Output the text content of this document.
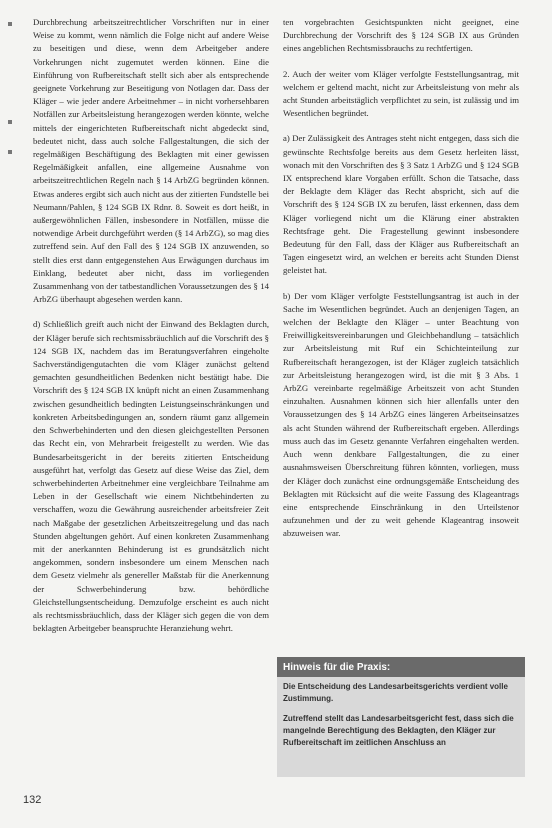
Durchbrechung arbeitszeitrechtlicher Vorschriften nur in einer Weise zu kommt, wenn nämlich die Folge nicht auf andere Weise zu beseitigen und diese, wenn dem Arbeitgeber andere Vorkehrungen nicht zugemutet werden können. Eine die Einführung von Rufbereitschaft stellt sich aber als entsprechende geeignete Vorkehrung zur Beseitigung von Notlagen dar. Dass der Kläger – wie jeder andere Arbeitnehmer – in nicht vorhersehbaren Notfällen zur Arbeitsleistung herangezogen werden könnte, welche mittels der eingerichteten Rufbereitschaft nicht abgedeckt sind, bedeutet nicht, dass auch solche Fallgestaltungen, die sich der regelmäßigen Beschäftigung des Beklagten mit einer gewissen Regelmäßigkeit anfallen, eine allgemeine Ausnahme von arbeitszeitrechtlichen Regeln nach § 14 ArbZG begründen können. Etwas anderes ergibt sich auch nicht aus der zitierten Fundstelle bei Neumann/Pahlen, § 124 SGB IX Rdnr. 8. Soweit es dort heißt, in außergewöhnlichen Fällen, insbesondere in Notfällen, müsse die notwendige Arbeit durchgeführt werden (§ 14 ArbZG), so mag dies zutreffend sein. Auf den Fall des § 124 SGB IX anzuwenden, so stellt dies erst dann entgegenstehen Aus Erwägungen durchaus im Einklang, bedeutet aber nicht, dass im vorliegenden Zusammenhang von der tatbestandlichen Voraussetzungen des § 14 ArbZG überhaupt abgesehen werden kann.

d) Schließlich greift auch nicht der Einwand des Beklagten durch, der Kläger berufe sich rechtsmissbräuchlich auf die Vorschrift des § 124 SGB IX, nachdem das im Beratungsverfahren eingeholte Sachverständigengutachten die vom Kläger zunächst geltend gemachten gesundheitlichen Bedenken nicht bestätigt habe. Die Vorschrift des § 124 SGB IX knüpft nicht an einen Zusammenhang zwischen gesundheitlich bedingten Leistungseinschränkungen und konkreten Arbeitsbedingungen an, sondern räumt ganz allgemein den Schwerbehinderten und den diesen gleichgestellten Personen das Recht ein, von Mehrarbeit freigestellt zu werden. Wie das Bundesarbeitsgericht in der bereits zitierten Entscheidung ausgeführt hat, verfolgt das Gesetz auf diese Weise das Ziel, dem schwerbehinderten Arbeitnehmer eine vergleichbare Teilnahme am Leben in der Gesellschaft wie einem Nichtbehinderten zu verschaffen, wozu die Gewährung ausreichender arbeitsfreier Zeit nach Maßgabe der gesetzlichen Arbeitszeitregelung und das nach Stunden abgeltungen gehört. Auf einen konkreten Zusammenhang mit der anerkannten Behinderung ist es grundsätzlich nicht angekommen, sondern insbesondere um einem Menschen nach dem Gesetz vielmehr als genereller Maßstab für die Anerkennung der Schwerbehinderung bzw. behördliche Gleichstellungsentscheidung. Demzufolge erscheint es auch nicht als rechtsmissbräuchlich, dass der Kläger sich gegen die von dem beklagten Arbeitgeber beanspruchte Heranziehung wehrt.

ten vorgebrachten Gesichtspunkten nicht geeignet, eine Durchbrechung der Vorschrift des § 124 SGB IX aus Gründen eines angeblichen Rechtsmissbrauchs zu rechtfertigen.

2. Auch der weiter vom Kläger verfolgte Feststellungsantrag, mit welchem er geltend macht, nicht zur Arbeitsleistung von mehr als acht Stunden arbeitstäglich verpflichtet zu sein, ist zulässig und im Wesentlichen begründet.

a) Der Zulässigkeit des Antrages steht nicht entgegen, dass sich die gewünschte Rechtsfolge bereits aus dem Gesetz herleiten lässt, wonach mit den Vorschriften des § 3 Satz 1 ArbZG und § 124 SGB IX entsprechend klare Vorgaben erfüllt. Schon die Tatsache, dass der Beklagte dem Kläger das Recht abspricht, sich auf die Vorschrift des § 124 SGB IX zu berufen, lässt erkennen, dass dem Kläger vorliegend nicht um die Klärung einer abstrakten Rechtsfrage geht. Die Fragestellung gewinnt insbesondere Bedeutung für den Fall, dass der Kläger aus Rufbereitschaft an Tagen eingesetzt wird, an welchen er bereits acht Stunden Dienst geleistet hat.

b) Der vom Kläger verfolgte Feststellungsantrag ist auch in der Sache im Wesentlichen begründet. Auch an denjenigen Tagen, an welchen der Beklagte den Kläger – unter Beachtung von Freiwilligkeitsvereinbarungen und Gleichbehandlung – tatsächlich zur Arbeitsleistung mit Ruf ein Schichteinteilung zur Rufbereitschaft herangezogen, ist der Kläger zugleich tatsächlich zur Arbeitsleistung herangezogen wird, ist die mit § 3 Abs. 1 ArbZG vereinbarte regelmäßige Arbeitszeit von acht Stunden einzuhalten. Ausnahmen können sich hier allenfalls unter den Voraussetzungen des § 14 ArbZG eines längeren Arbeitseinsatzes als acht Stunden während der Rufbereitschaft ergeben. Allerdings muss auch das im Gesetz genannte Verfahren eingehalten werden. Auch wenn denkbare Fallgestaltungen, die zu einer ausnahmsweisen Überschreitung führen könnten, vorliegen, muss der Kläger doch zunächst eine ordnungsgemäße Entscheidung des Beklagten mit Rücksicht auf die weite Fassung des Klageantrags eine entsprechende Einschränkung in den Urteilstenor aufzunehmen und der zu weit gehende Klageantrag insoweit abzuweisen war.

Hinweis für die Praxis:

Die Entscheidung des Landesarbeitsgerichts verdient volle Zustimmung.

Zutreffend stellt das Landesarbeitsgericht fest, dass sich die mangelnde Berechtigung des Beklagten, den Kläger zur Rufbereitschaft im zeitlichen Anschluss an

132
